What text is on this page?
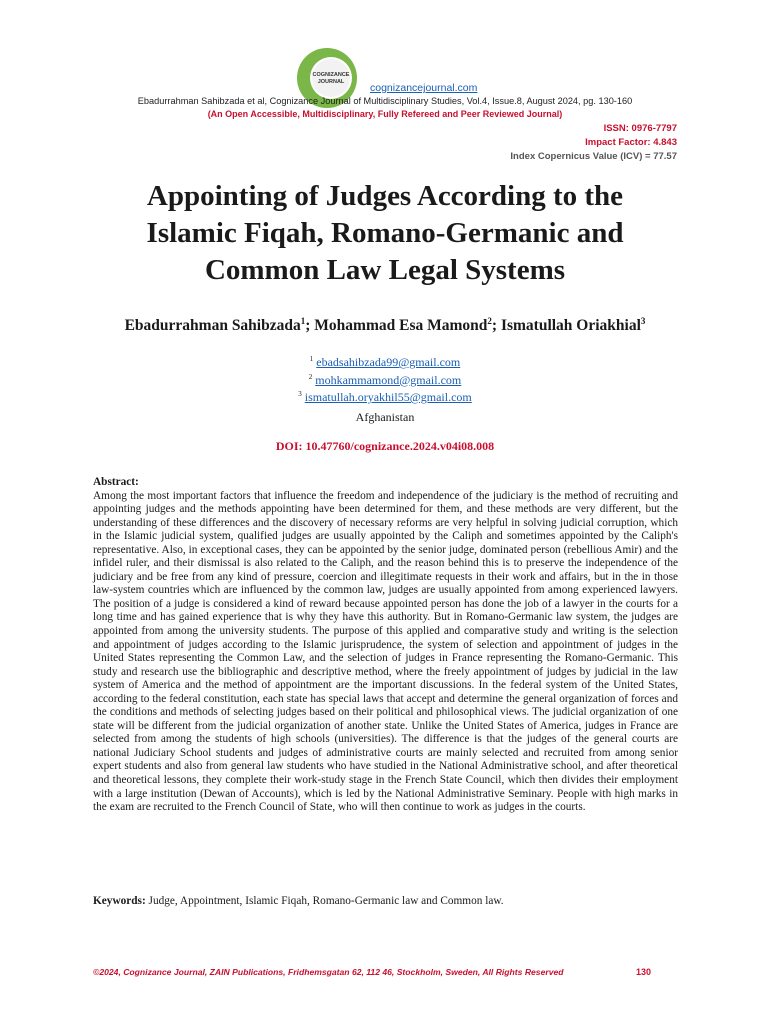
COGNIZANCE
JOURNAL cognizancejournal.com
Ebadurrahman Sahibzada et al, Cognizance Journal of Multidisciplinary Studies, Vol.4, Issue.8, August 2024, pg. 130-160
(An Open Accessible, Multidisciplinary, Fully Refereed and Peer Reviewed Journal)
ISSN: 0976-7797
Impact Factor: 4.843
Index Copernicus Value (ICV) = 77.57
Appointing of Judges According to the
Islamic Fiqah, Romano-Germanic and
Common Law Legal Systems
Ebadurrahman Sahibzada$^1$; Mohammad Esa Mamond$^2$; Ismatullah Oriakhial$^3$
$^1$ ebadsahibzada99@gmail.com
$^2$ mohkammamond@gmail.com
$^3$ ismatullah.oryakhil55@gmail.com
Afghanistan
DOI: 10.47760/cognizance.2024.v04i08.008
Abstract:
Among the most important factors that influence the freedom and independence of the judiciary is the method of recruiting and appointing judges and the methods appointing have been determined for them, and these methods are very different, but the understanding of these differences and the discovery of necessary reforms are very helpful in solving judicial corruption, which in the Islamic judicial system, qualified judges are usually appointed by the Caliph and sometimes appointed by the Caliph's representative. Also, in exceptional cases, they can be appointed by the senior judge, dominated person (rebellious Amir) and the infidel ruler, and their dismissal is also related to the Caliph, and the reason behind this is to preserve the independence of the judiciary and be free from any kind of pressure, coercion and illegitimate requests in their work and affairs, but in the in those law-system countries which are influenced by the common law, judges are usually appointed from among experienced lawyers. The position of a judge is considered a kind of reward because appointed person has done the job of a lawyer in the courts for a long time and has gained experience that is why they have this authority. But in Romano-Germanic law system, the judges are appointed from among the university students. The purpose of this applied and comparative study and writing is the selection and appointment of judges according to the Islamic jurisprudence, the system of selection and appointment of judges in the United States representing the Common Law, and the selection of judges in France representing the Romano-Germanic. This study and research use the bibliographic and descriptive method, where the freely appointment of judges by judicial in the law system of America and the method of appointment are the important discussions. In the federal system of the United States, according to the federal constitution, each state has special laws that accept and determine the general organization of forces and the conditions and methods of selecting judges based on their political and philosophical views. The judicial organization of one state will be different from the judicial organization of another state. Unlike the United States of America, judges in France are selected from among the students of high schools (universities). The difference is that the judges of the general courts are national Judiciary School students and judges of administrative courts are mainly selected and recruited from among senior expert students and also from general law students who have studied in the National Administrative school, and after theoretical and theoretical lessons, they complete their work-study stage in the French State Council, which then divides their employment with a large institution (Dewan of Accounts), which is led by the National Administrative Seminary. People with high marks in the exam are recruited to the French Council of State, who will then continue to work as judges in the courts.
Keywords: Judge, Appointment, Islamic Fiqah, Romano-Germanic law and Common law.
©2024, Cognizance Journal, ZAIN Publications, Fridhemsgatan 62, 112 46, Stockholm, Sweden, All Rights Reserved	130
